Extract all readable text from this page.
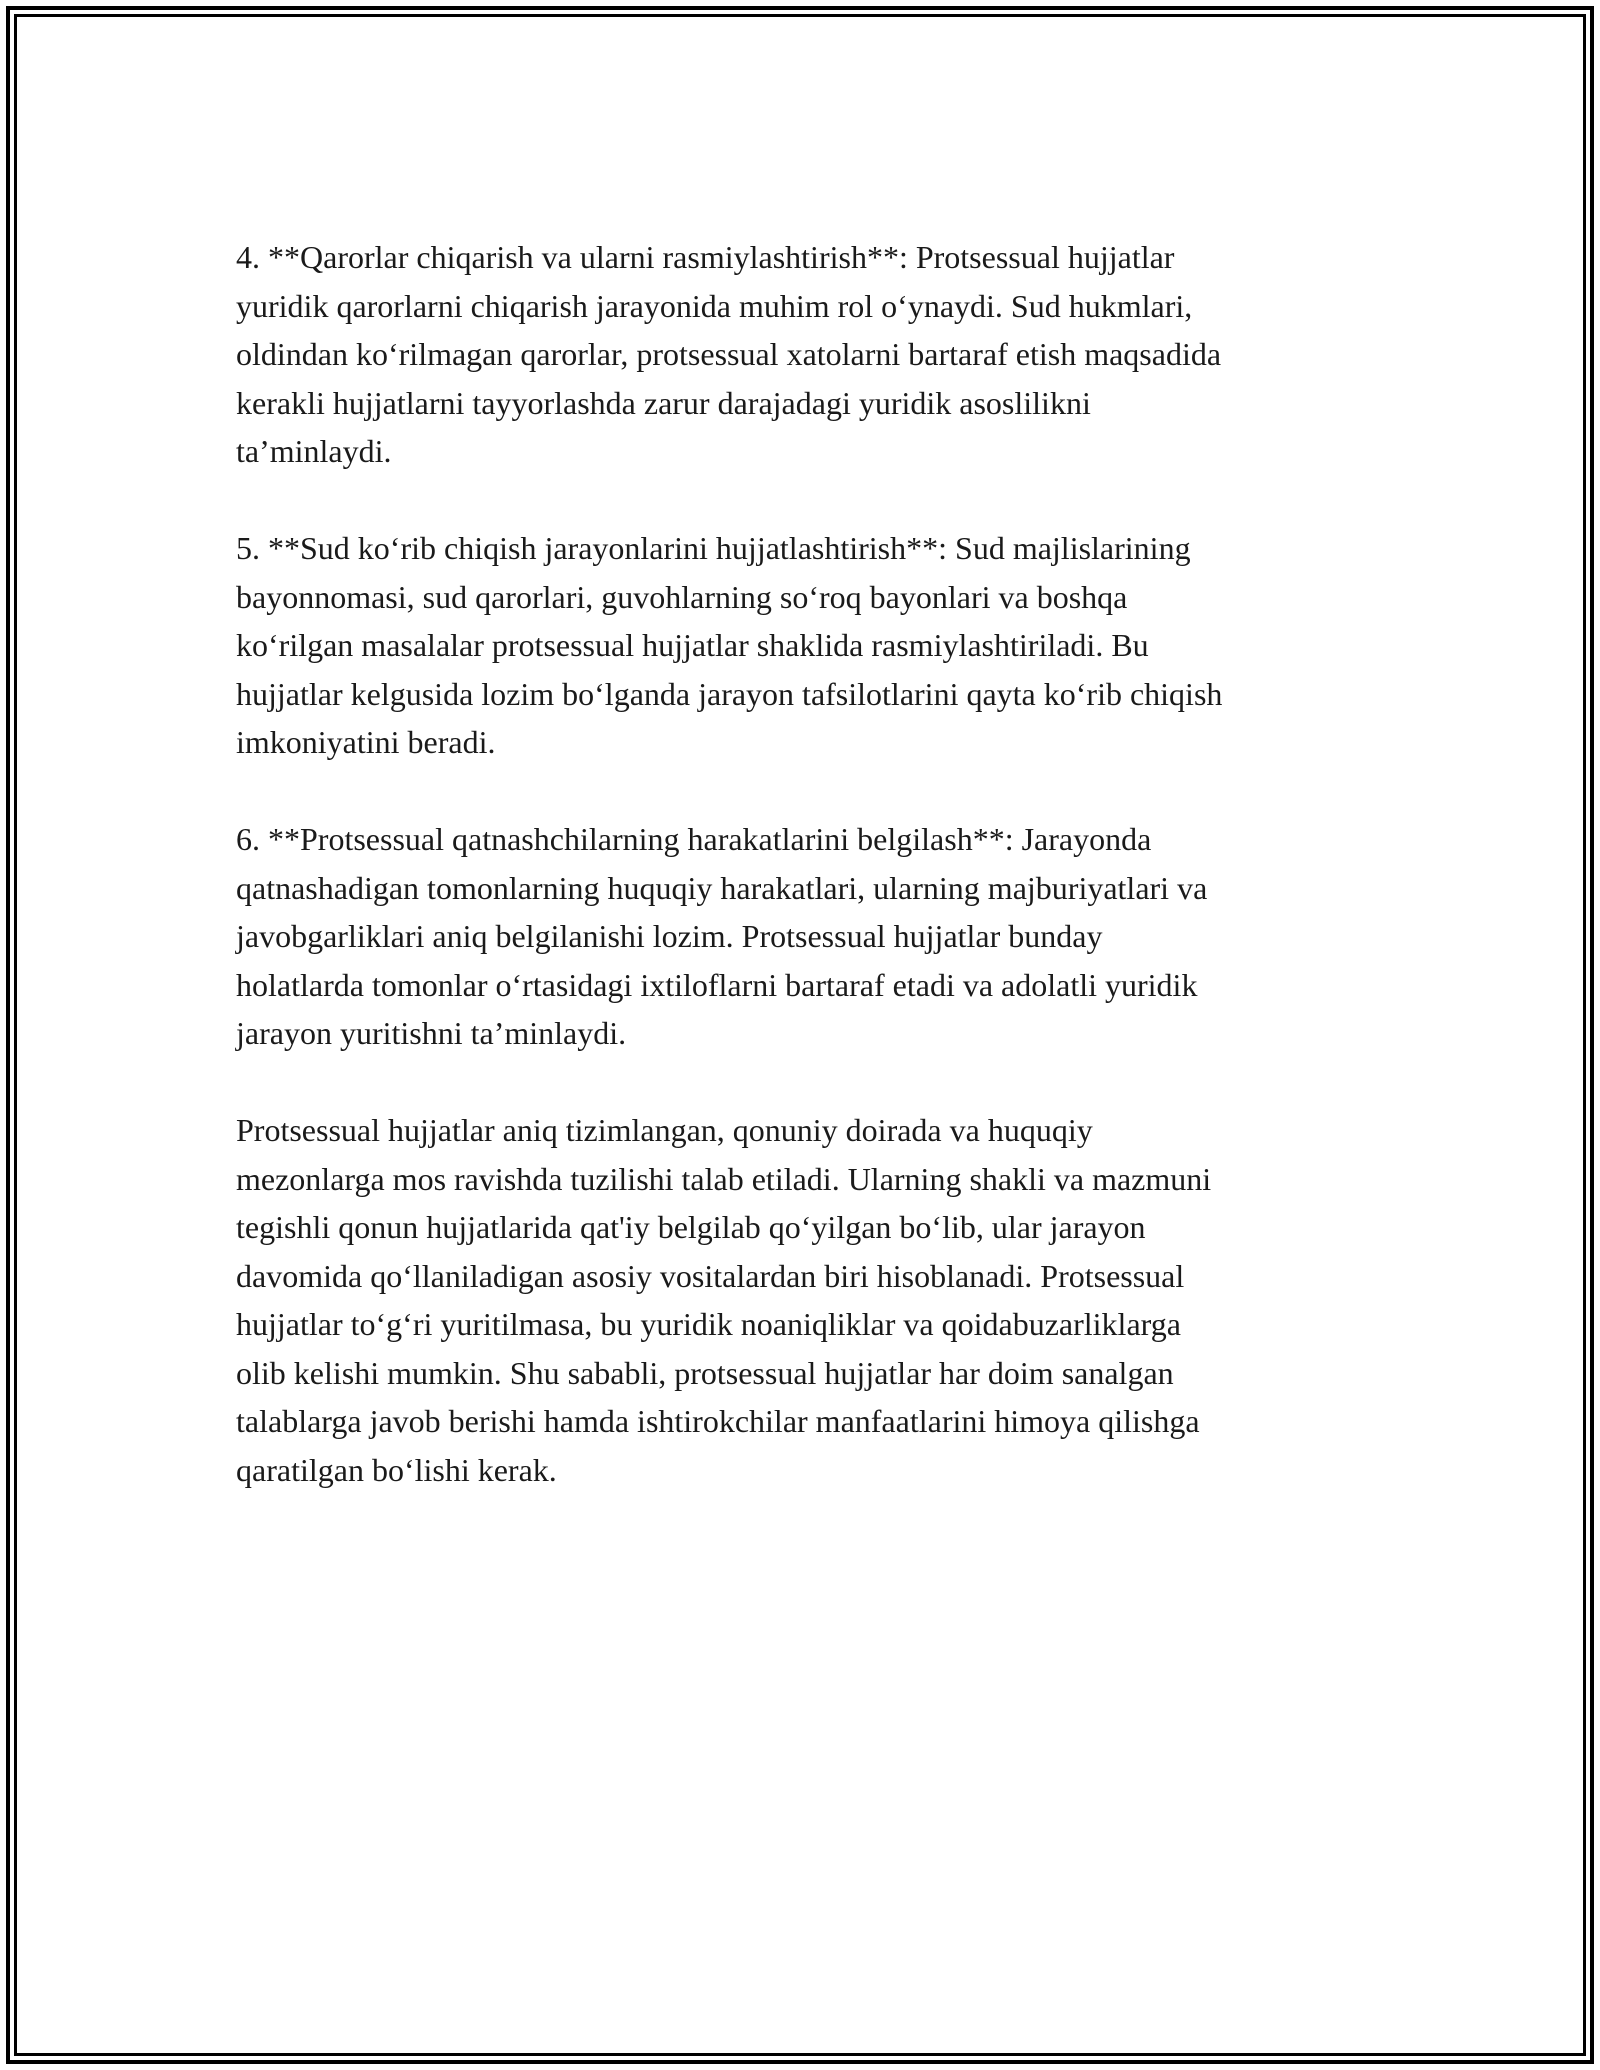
4. **Qarorlar chiqarish va ularni rasmiylashtirish**: Protsessual hujjatlar
yuridik qarorlarni chiqarish jarayonida muhim rol o‘ynaydi. Sud hukmlari,
oldindan ko‘rilmagan qarorlar, protsessual xatolarni bartaraf etish maqsadida
kerakli hujjatlarni tayyorlashda zarur darajadagi yuridik asoslilikni
ta’minlaydi.

5. **Sud ko‘rib chiqish jarayonlarini hujjatlashtirish**: Sud majlislarining
bayonnomasi, sud qarorlari, guvohlarning so‘roq bayonlari va boshqa
ko‘rilgan masalalar protsessual hujjatlar shaklida rasmiylashtiriladi. Bu
hujjatlar kelgusida lozim bo‘lganda jarayon tafsilotlarini qayta ko‘rib chiqish
imkoniyatini beradi.

6. **Protsessual qatnashchilarning harakatlarini belgilash**: Jarayonda
qatnashadigan tomonlarning huquqiy harakatlari, ularning majburiyatlari va
javobgarliklari aniq belgilanishi lozim. Protsessual hujjatlar bunday
holatlarda tomonlar o‘rtasidagi ixtiloflarni bartaraf etadi va adolatli yuridik
jarayon yuritishni ta’minlaydi.

Protsessual hujjatlar aniq tizimlangan, qonuniy doirada va huquqiy
mezonlarga mos ravishda tuzilishi talab etiladi. Ularning shakli va mazmuni
tegishli qonun hujjatlarida qat'iy belgilab qo‘yilgan bo‘lib, ular jarayon
davomida qo‘llaniladigan asosiy vositalardan biri hisoblanadi. Protsessual
hujjatlar to‘g‘ri yuritilmasa, bu yuridik noaniqliklar va qoidabuzarliklarga
olib kelishi mumkin. Shu sababli, protsessual hujjatlar har doim sanalgan
talablarga javob berishi hamda ishtirokchilar manfaatlarini himoya qilishga
qaratilgan bo‘lishi kerak.
